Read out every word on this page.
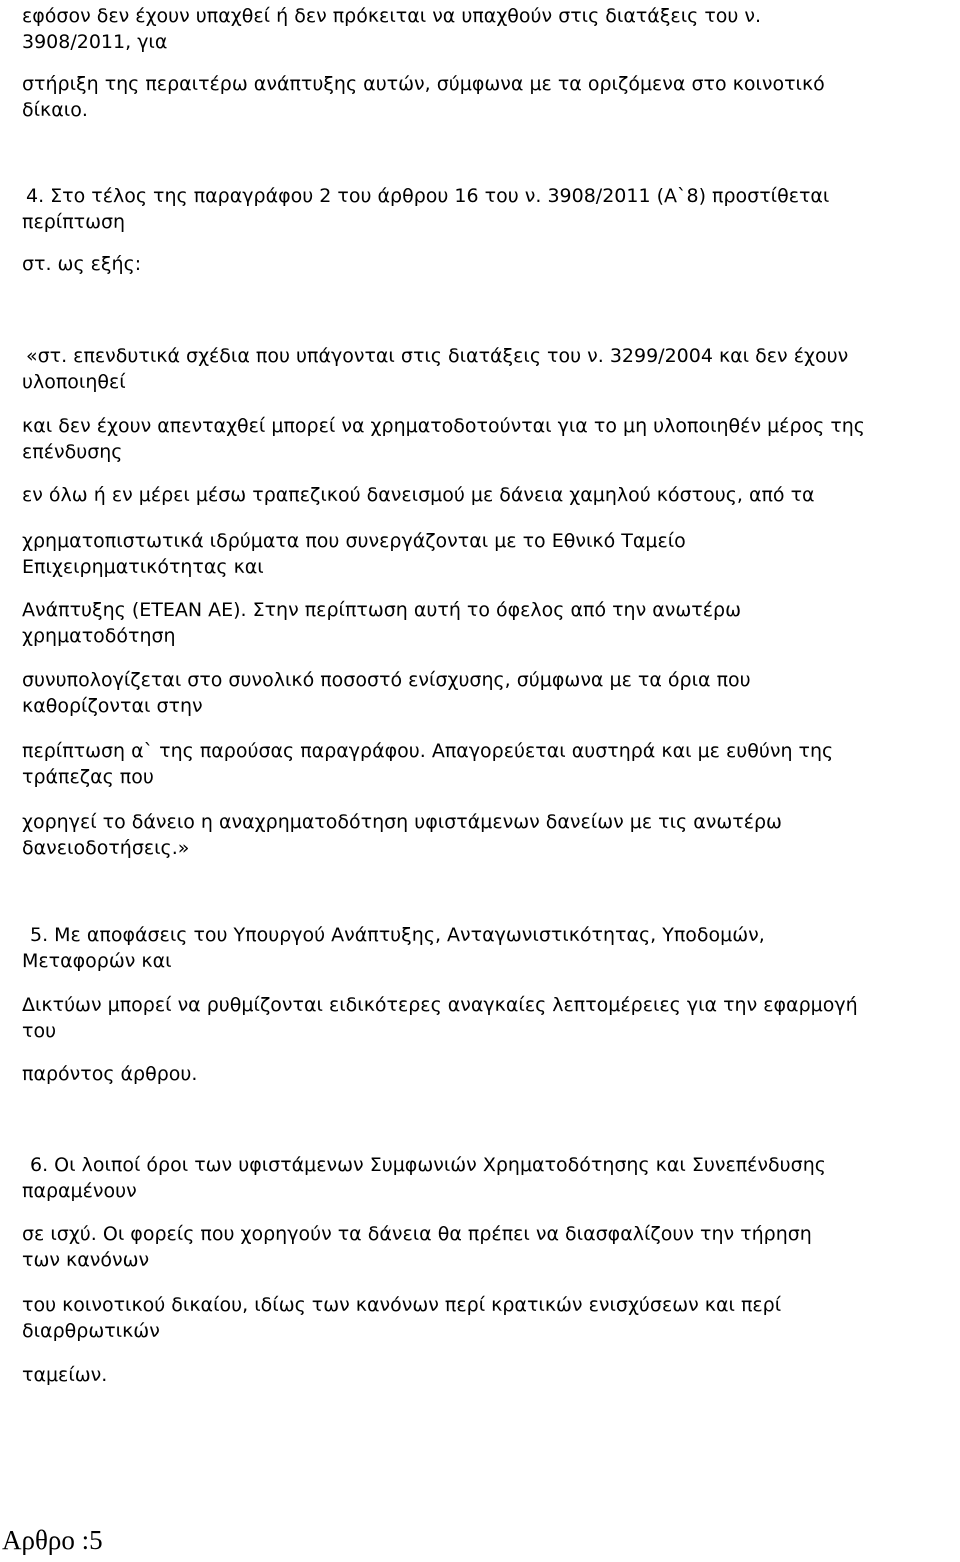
εφόσον δεν έχουν υπαχθεί ή δεν πρόκειται να υπαχθούν στις διατάξεις του ν.

3908/2011, για

στήριξη της περαιτέρω ανάπτυξης αυτών, σύμφωνα με τα οριζόμενα στο κοινοτικό

δίκαιο.

4. Στο τέλος της παραγράφου 2 του άρθρου 16 του ν. 3908/2011 (Α`8) προστίθεται

περίπτωση

στ. ως εξής:

«στ. επενδυτικά σχέδια που υπάγονται στις διατάξεις του ν. 3299/2004 και δεν έχουν

υλοποιηθεί

και δεν έχουν απενταχθεί μπορεί να χρηματοδοτούνται για το μη υλοποιηθέν μέρος της

επένδυσης

εν όλω ή εν μέρει μέσω τραπεζικού δανεισμού με δάνεια χαμηλού κόστους, από τα

χρηματοπιστωτικά ιδρύματα που συνεργάζονται με το Εθνικό Ταμείο

Επιχειρηματικότητας και

Ανάπτυξης (ΕΤΕΑΝ ΑΕ). Στην περίπτωση αυτή το όφελος από την ανωτέρω

χρηματοδότηση

συνυπολογίζεται στο συνολικό ποσοστό ενίσχυσης, σύμφωνα με τα όρια που

καθορίζονται στην

περίπτωση α` της παρούσας παραγράφου. Απαγορεύεται αυστηρά και με ευθύνη της

τράπεζας που

χορηγεί το δάνειο η αναχρηματοδότηση υφιστάμενων δανείων με τις ανωτέρω

δανειοδοτήσεις.»

5. Με αποφάσεις του Υπουργού Ανάπτυξης, Ανταγωνιστικότητας, Υποδομών,

Μεταφορών και

Δικτύων μπορεί να ρυθμίζονται ειδικότερες αναγκαίες λεπτομέρειες για την εφαρμογή

του

παρόντος άρθρου.

6. Οι λοιποί όροι των υφιστάμενων Συμφωνιών Χρηματοδότησης και Συνεπένδυσης

παραμένουν

σε ισχύ. Οι φορείς που χορηγούν τα δάνεια θα πρέπει να διασφαλίζουν την τήρηση

των κανόνων

του κοινοτικού δικαίου, ιδίως των κανόνων περί κρατικών ενισχύσεων και περί

διαρθρωτικών

ταμείων.

Αρθρο :5
